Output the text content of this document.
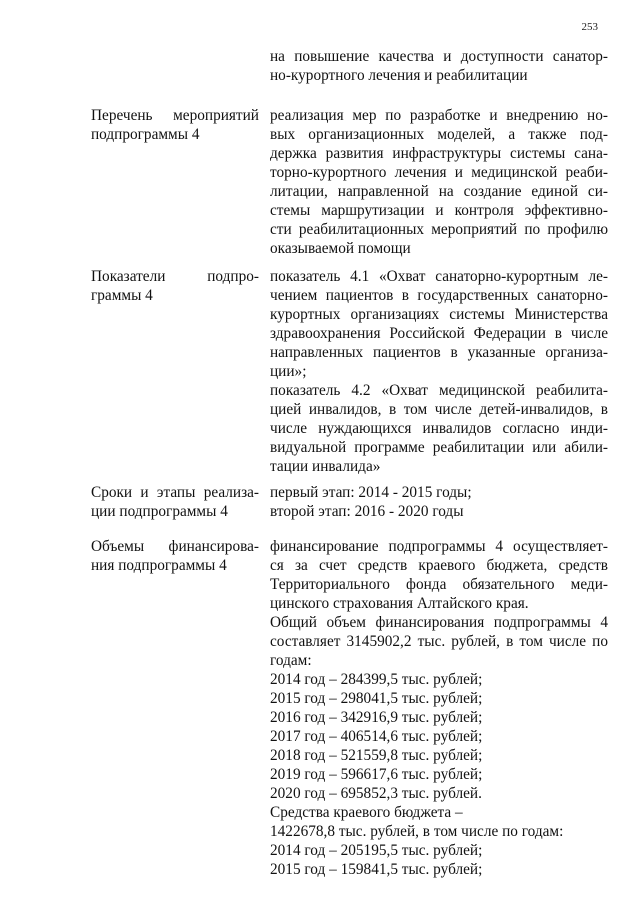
253
на повышение качества и доступности санатор-
но-курортного лечения и реабилитации
Перечень мероприятий
подпрограммы 4
реализация мер по разработке и внедрению но-
вых организационных моделей, а также под-
держка развития инфраструктуры системы сана-
торно-курортного лечения и медицинской реаби-
литации, направленной на создание единой си-
стемы маршрутизации и контроля эффективно-
сти реабилитационных мероприятий по профилю
оказываемой помощи
Показатели подпро-
граммы 4
показатель 4.1 «Охват санаторно-курортным ле-
чением пациентов в государственных санаторно-
курортных организациях системы Министерства
здравоохранения Российской Федерации в числе
направленных пациентов в указанные организа-
ции»;
показатель 4.2 «Охват медицинской реабилита-
цией инвалидов, в том числе детей-инвалидов, в
числе нуждающихся инвалидов согласно инди-
видуальной программе реабилитации или абили-
тации инвалида»
Сроки и этапы реализа-
ции подпрограммы 4
первый этап: 2014 - 2015 годы;
второй этап: 2016 - 2020 годы
Объемы финансирова-
ния подпрограммы 4
финансирование подпрограммы 4 осуществляет-
ся за счет средств краевого бюджета, средств
Территориального фонда обязательного меди-
цинского страхования Алтайского края.
Общий объем финансирования подпрограммы 4
составляет 3145902,2 тыс. рублей, в том числе по
годам:
2014 год – 284399,5 тыс. рублей;
2015 год – 298041,5 тыс. рублей;
2016 год – 342916,9 тыс. рублей;
2017 год – 406514,6 тыс. рублей;
2018 год – 521559,8 тыс. рублей;
2019 год – 596617,6 тыс. рублей;
2020 год – 695852,3 тыс. рублей.
Средства краевого бюджета –
1422678,8 тыс. рублей, в том числе по годам:
2014 год – 205195,5 тыс. рублей;
2015 год – 159841,5 тыс. рублей;
